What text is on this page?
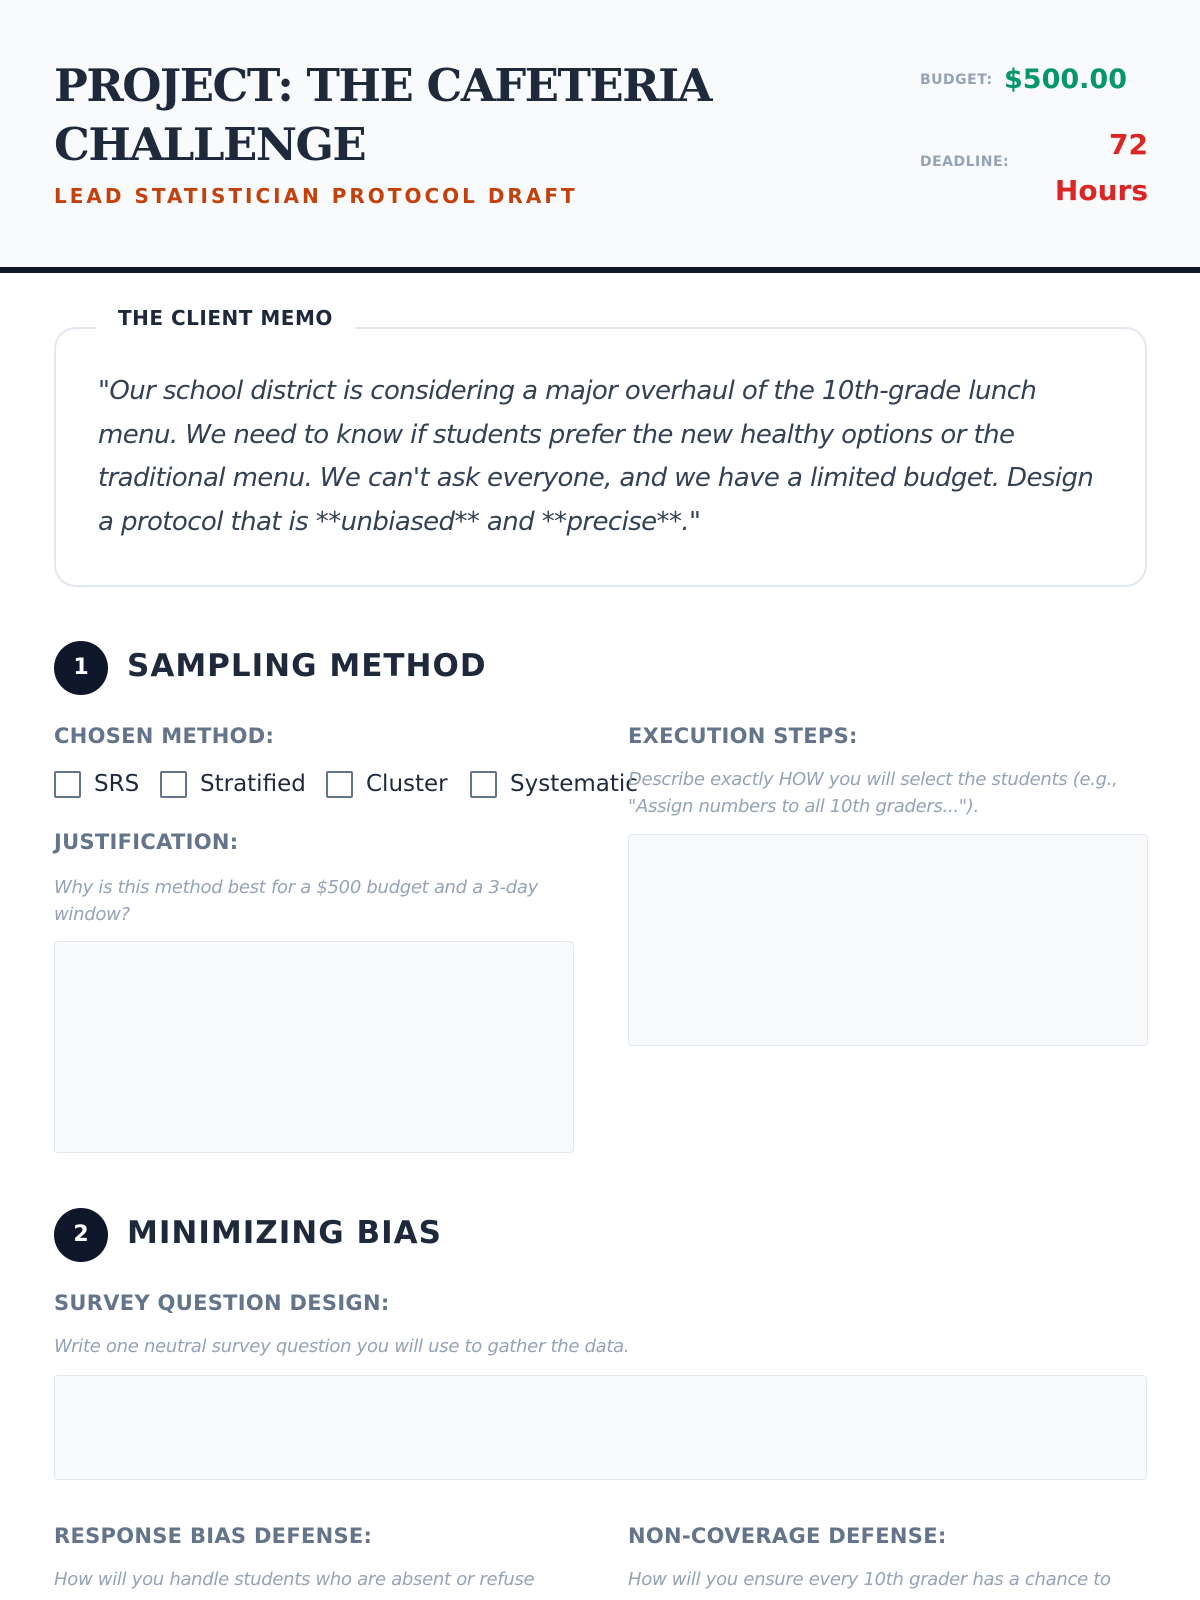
PROJECT: THE CAFETERIA CHALLENGE
LEAD STATISTICIAN PROTOCOL DRAFT
BUDGET: $500.00
DEADLINE:
72 Hours
THE CLIENT MEMO
"Our school district is considering a major overhaul of the 10th-grade lunch menu. We need to know if students prefer the new healthy options or the traditional menu. We can't ask everyone, and we have a limited budget. Design a protocol that is **unbiased** and **precise**."
1	SAMPLING METHOD
CHOSEN METHOD:
SRS	Stratified	Cluster	Systematic
JUSTIFICATION:
Why is this method best for a $500 budget and a 3-day window?
EXECUTION STEPS:
Describe exactly HOW you will select the students (e.g., "Assign numbers to all 10th graders...").
2	MINIMIZING BIAS
SURVEY QUESTION DESIGN:
Write one neutral survey question you will use to gather the data.
RESPONSE BIAS DEFENSE:
How will you handle students who are absent or refuse
NON-COVERAGE DEFENSE:
How will you ensure every 10th grader has a chance to
